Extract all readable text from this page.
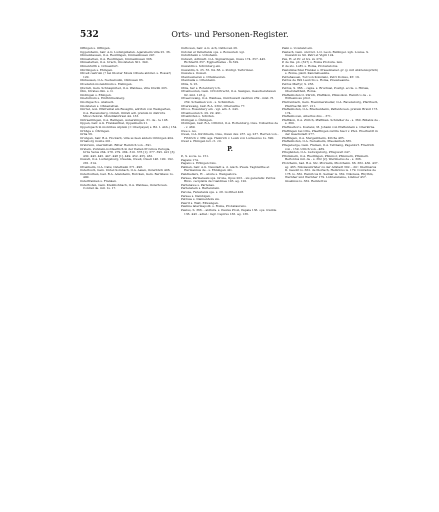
532	Orts- und Personen-Register.

Offingen s. Öffingen.

Oggersheim, bair. A.G. Ludwigshafen. Agareheim villa 25. 36.

Ohmenhausen, O.A. Reutlingen, Ummenhusen 247.

Ohnastetten, O.A. Reutlingen, Ummenhusen 306.

Ohnastetten, O.A. Urach, Onolsteten 301. 340.

Ohnenfurth s. Ochsenfurt.

Ohrdingen s. Ehingen.

Olivell castrum (? bei Kloster Mosis Olivate abbilet. s. Rossa?) 120.

Olnhausen, O.A. Neckarsulm, Olnhusen 83.

Olvenstsn molendinum s. Eislingen.

Olwrati, Gem. Schnaumried, O.A. Waldsee, villa Ulwihi 205.

Ölm, Ulrates dim. s. Ö.

Ondingen s. Ehingen.

Onefurnum s. Einthürnenberg.

Onoltspach s. Ansbach.

Onolsteten s. Ohnastetten.

Onrrat, Aon. Pfärrental am Bussgfin, adr.fluh von Weingarten, O.A. Ravensburg, Onrati, Oiirati adt. pratum in districtu Mbocchobral. Mundilabriraul 44. 133.

Ontraeillingen, O.A. Balingen, Aunerslingen. 31. de - te 108.

Oppen, bair. A.G. Frankenthal, Oppenheim 21.

Opperspach in montibus Alpium (= Oberpayal) s. Bd. I. Abh.) 154.

Orbhge s. Öhringen.

Orlia 56.

Orubgen, bair. B.A. Hockarb, villa ss feen anders Ornbigen 404.

Ornaborg monte 201.

Orsbrunn, unermittelt. Bitter Heinrich von - 391.

Orstein, Zurstein-nordseitlich in der Italien Province Perugia, Urbs Vetus 264. 278. 279. 284. 310. 376 [1]. 377. 395. 421 [3]. 430. 443. 445. 447. 448 [1]. 449. 452. 455. 461.

Oswetl, O.A. Ludwigsburg, Owenle, Oweli, Öweli 148. 190. 192. 281. 314.

Ottenheim, O.A. Calw, Ostefbaim 371. 498.

Osterbuch, Gem. Unter-Sombach, O.A. Aalen, Osterbüch 406.

Osterburken, bad. B.A. Adelsheim, Burcken, Gem. Bernhaus 1s. 490.

Osterfranken s. Franken.

Osterhofen, Gem. Kleinhohbach, O.A. Waldsee, Osterhoven. Conrad de. mil. 1s. 17.

Osthoven, bair. A.G. Ach, Osthoven 26.

Ostonsi et Vellarianis ops. s. Bonaurell. xgl.

Ostutbheim s. Uchsheim.

Ostweit, Adtmsdt. O.A. Sigmaringen, Oswe 174. 357. 445. Richberlh 357. Eggberhalles - fn 329.

Oswaldm s. Schönberg ein.

Oswaldm, S. 25. 55. 64. 66. s. Pontigl. Terbrinzel.

Oswela s. Osweil.

Otenbeuberen s. Ottenbeuren.

Otenbaila s. Ottenbeim.

Otila, S. 25.

Otila, her s. Rotenbury ich.

Ottenbeuren, Gem. Orrobrtrecht, O.A. Saulgau, Oesscherehaven 92. mid. 123 g.

Otteerowang, O.A. Waldsee, Ouirdswadt castrum 259 - mist. H. 259. Schenken von - s. Schmidten.

Otterswang, bair. B.A. 2302, Otterswihe 77.

Otto s. Rosenbury ein - vgl. adv. 3. 243.

Ottenbeuren S. 29. 29. 491.

Ottenhöfen s. Schöfen.

Otzingen s. Ötzingen.

Otzlingen, bair. B.A. Ottbrnd, O.A. Rottenburg, Owe. Volbardus de - v. 469.

Owe s. Au.

Owen, O.A. Kirchheim, Owe, Owen dav. 237. ag. 237. Herren von - Fridrich v. 389. ags. Heinrich v. Lewk von Ludweicus 1s. 390.

Owar s. Ehingen bzl. ct. cit.

P.

P., S. socie. ie. 151.

Pagans 174.

Pagano s. Erlingen fons.

Palmen, bair. A.G. Neustadt a. d. Aisch. Pwels. Tagblatthe et Hermannus de - s. Ehningen oliv.

Pandkellers, H. - abure s. Wengastore.

Parsee, Parmenesis sps. Grone, Opus 203. - sis generalis: Petrus Bixio. ceciplatis da Cualdines 103. ag. 120.

Partenawe s. Partenau.

Partenstein s. Bartenstein.

Parone, Faravianis sps. s. 28. Gotfried 403.

Parsee s. Dambigen.

Patruse s. Dannenhofe sis.

Paurit s. Walt, Ellwangen.

Pauline latermapolli. s. Roma, Probataurens.

Paulus, S. 366. - aldtura. s. Paulus Prozi, Papala 136. ops. Gwilde 136. 443 - adlat.: mgr. Cepirus 136. ag. 136.

Pann s. Uowland ein.

Paulach, Gem. und bzl. L.O. Leon, Bullingel. xgh. Louise. S. Oswaldi zu Sil. Patri et Vigili 124.

Pax, H. et Pr. et Ivs. zu 279.

P. de Ins. pb. (527) s. Roma Probura. ium.

P. de sto. LuEl. s. Roma, Probaratorus.

Paulsmbachnsi Frankei s. Prasenbaner. gr. (p mit Abkrenzsprüch) s. Roma, pästl. Kanzleibeamte.

Petrehausen, Tod von Konstanz, Petri Domus, KT. 19.

Petrus de 892 Laurctio s. Roma, Pressbeamte.

Petrus Martyr, S. 256.

Petrus, S. 366. - capia. s. Bruchsal, Positgl. eccle. s. Hirsau, Oberstadtfeld, Roma.

Pfaffenhofen O. Zürich, Pfaffikon, Pfäwoikon. Heinrico de - s. Wittesmoss prior.

Pfarrenbach, Gem. Roemmersbeller, O.A. Ravensburg, Pfarrbach, Pfarrbachh 207. 211.

Pfaffenhofen, O.A. Brackenheim, Paffenhoven. pratum Bravil 173. 174.

Pfaffenhoven, Albertus dns. - 371.

Pfaffikon, O.A. Zürich, Pfaffikan. Schindler de - s. 360. Billabis de - s. 360.

Pfaffweihof s. Kostanz, M. Johann von Pfaffenbein s. Oberkirna.

Pfaffingen bei Otre, Pfaeffingen zwölfe hiecl v. Phol. Eberhardt in der Gaachstadt 277.

Pfaffingen, O.A. Mergentheim, Kirche 485.

Pfaffenhofen, O.A. Neresheim, Pfaedenheh 365.

Pflegeberge, Gem. Flamen, O.A. Tettnang, Pageldorf. Friedrich von - 159. Ulrich von - 489.

Pflugfelden, O.A. Ludwigsburg, Pflugsvelt 247.

Pflummern, O.A. Riedlingen, Phlumor, Phlumern, Pflumern. Bertoldus mil. de - s. 362 [2]. Wernherus de - s. 306.

Pforzheim, bad. B.A. Stz. Pforzaim, Phorzheim. 66. 382. 430. 437. sg. 465. Nikolausbrüder zu der Altstadt 392. - dir.: Dieltmarus II. Gesolit is. 362. de Ihorlach, Heinricus is. 179. Conradus de 178. is. 362. Heinricus II. Seimar is. 362. Nikolaus, Rhythm, Wernher und Wernher 179. Lichtensteine, Lindner 457. Giselinus is. 362. Reinbottus
